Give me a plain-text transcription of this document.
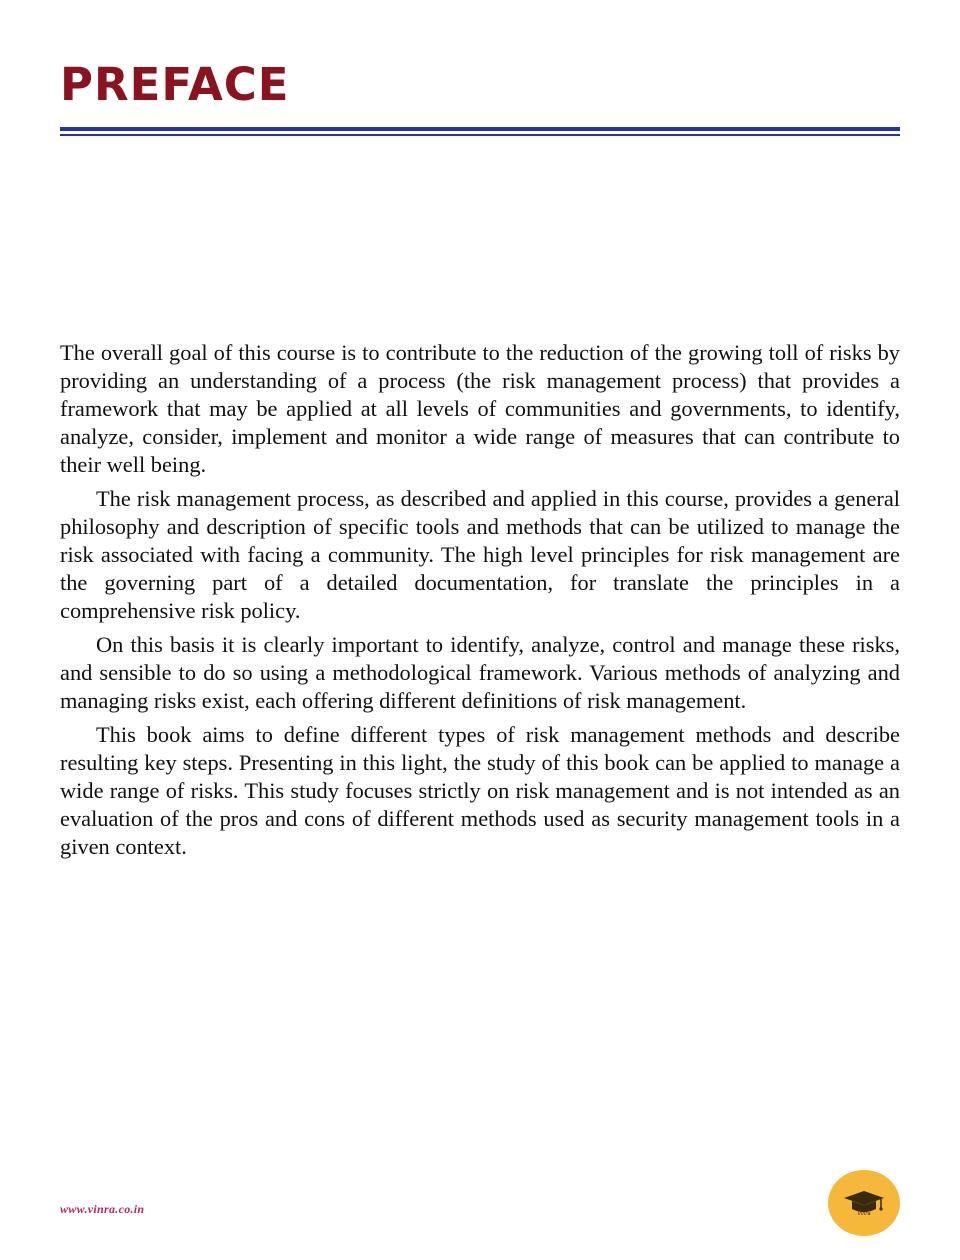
PREFACE

The overall goal of this course is to contribute to the reduction of the growing toll of risks by providing an understanding of a process (the risk management process) that provides a framework that may be applied at all levels of communities and governments, to identify, analyze, consider, implement and monitor a wide range of measures that can contribute to their well being.

The risk management process, as described and applied in this course, provides a general philosophy and description of specific tools and methods that can be utilized to manage the risk associated with facing a community. The high level principles for risk management are the governing part of a detailed documentation, for translate the principles in a comprehensive risk policy.

On this basis it is clearly important to identify, analyze, control and manage these risks, and sensible to do so using a methodological framework. Various methods of analyzing and managing risks exist, each offering different definitions of risk management.

This book aims to define different types of risk management methods and describe resulting key steps. Presenting in this light, the study of this book can be applied to manage a wide range of risks. This study focuses strictly on risk management and is not intended as an evaluation of the pros and cons of different methods used as security management tools in a given context.

www.vinra.co.in	Vinra
